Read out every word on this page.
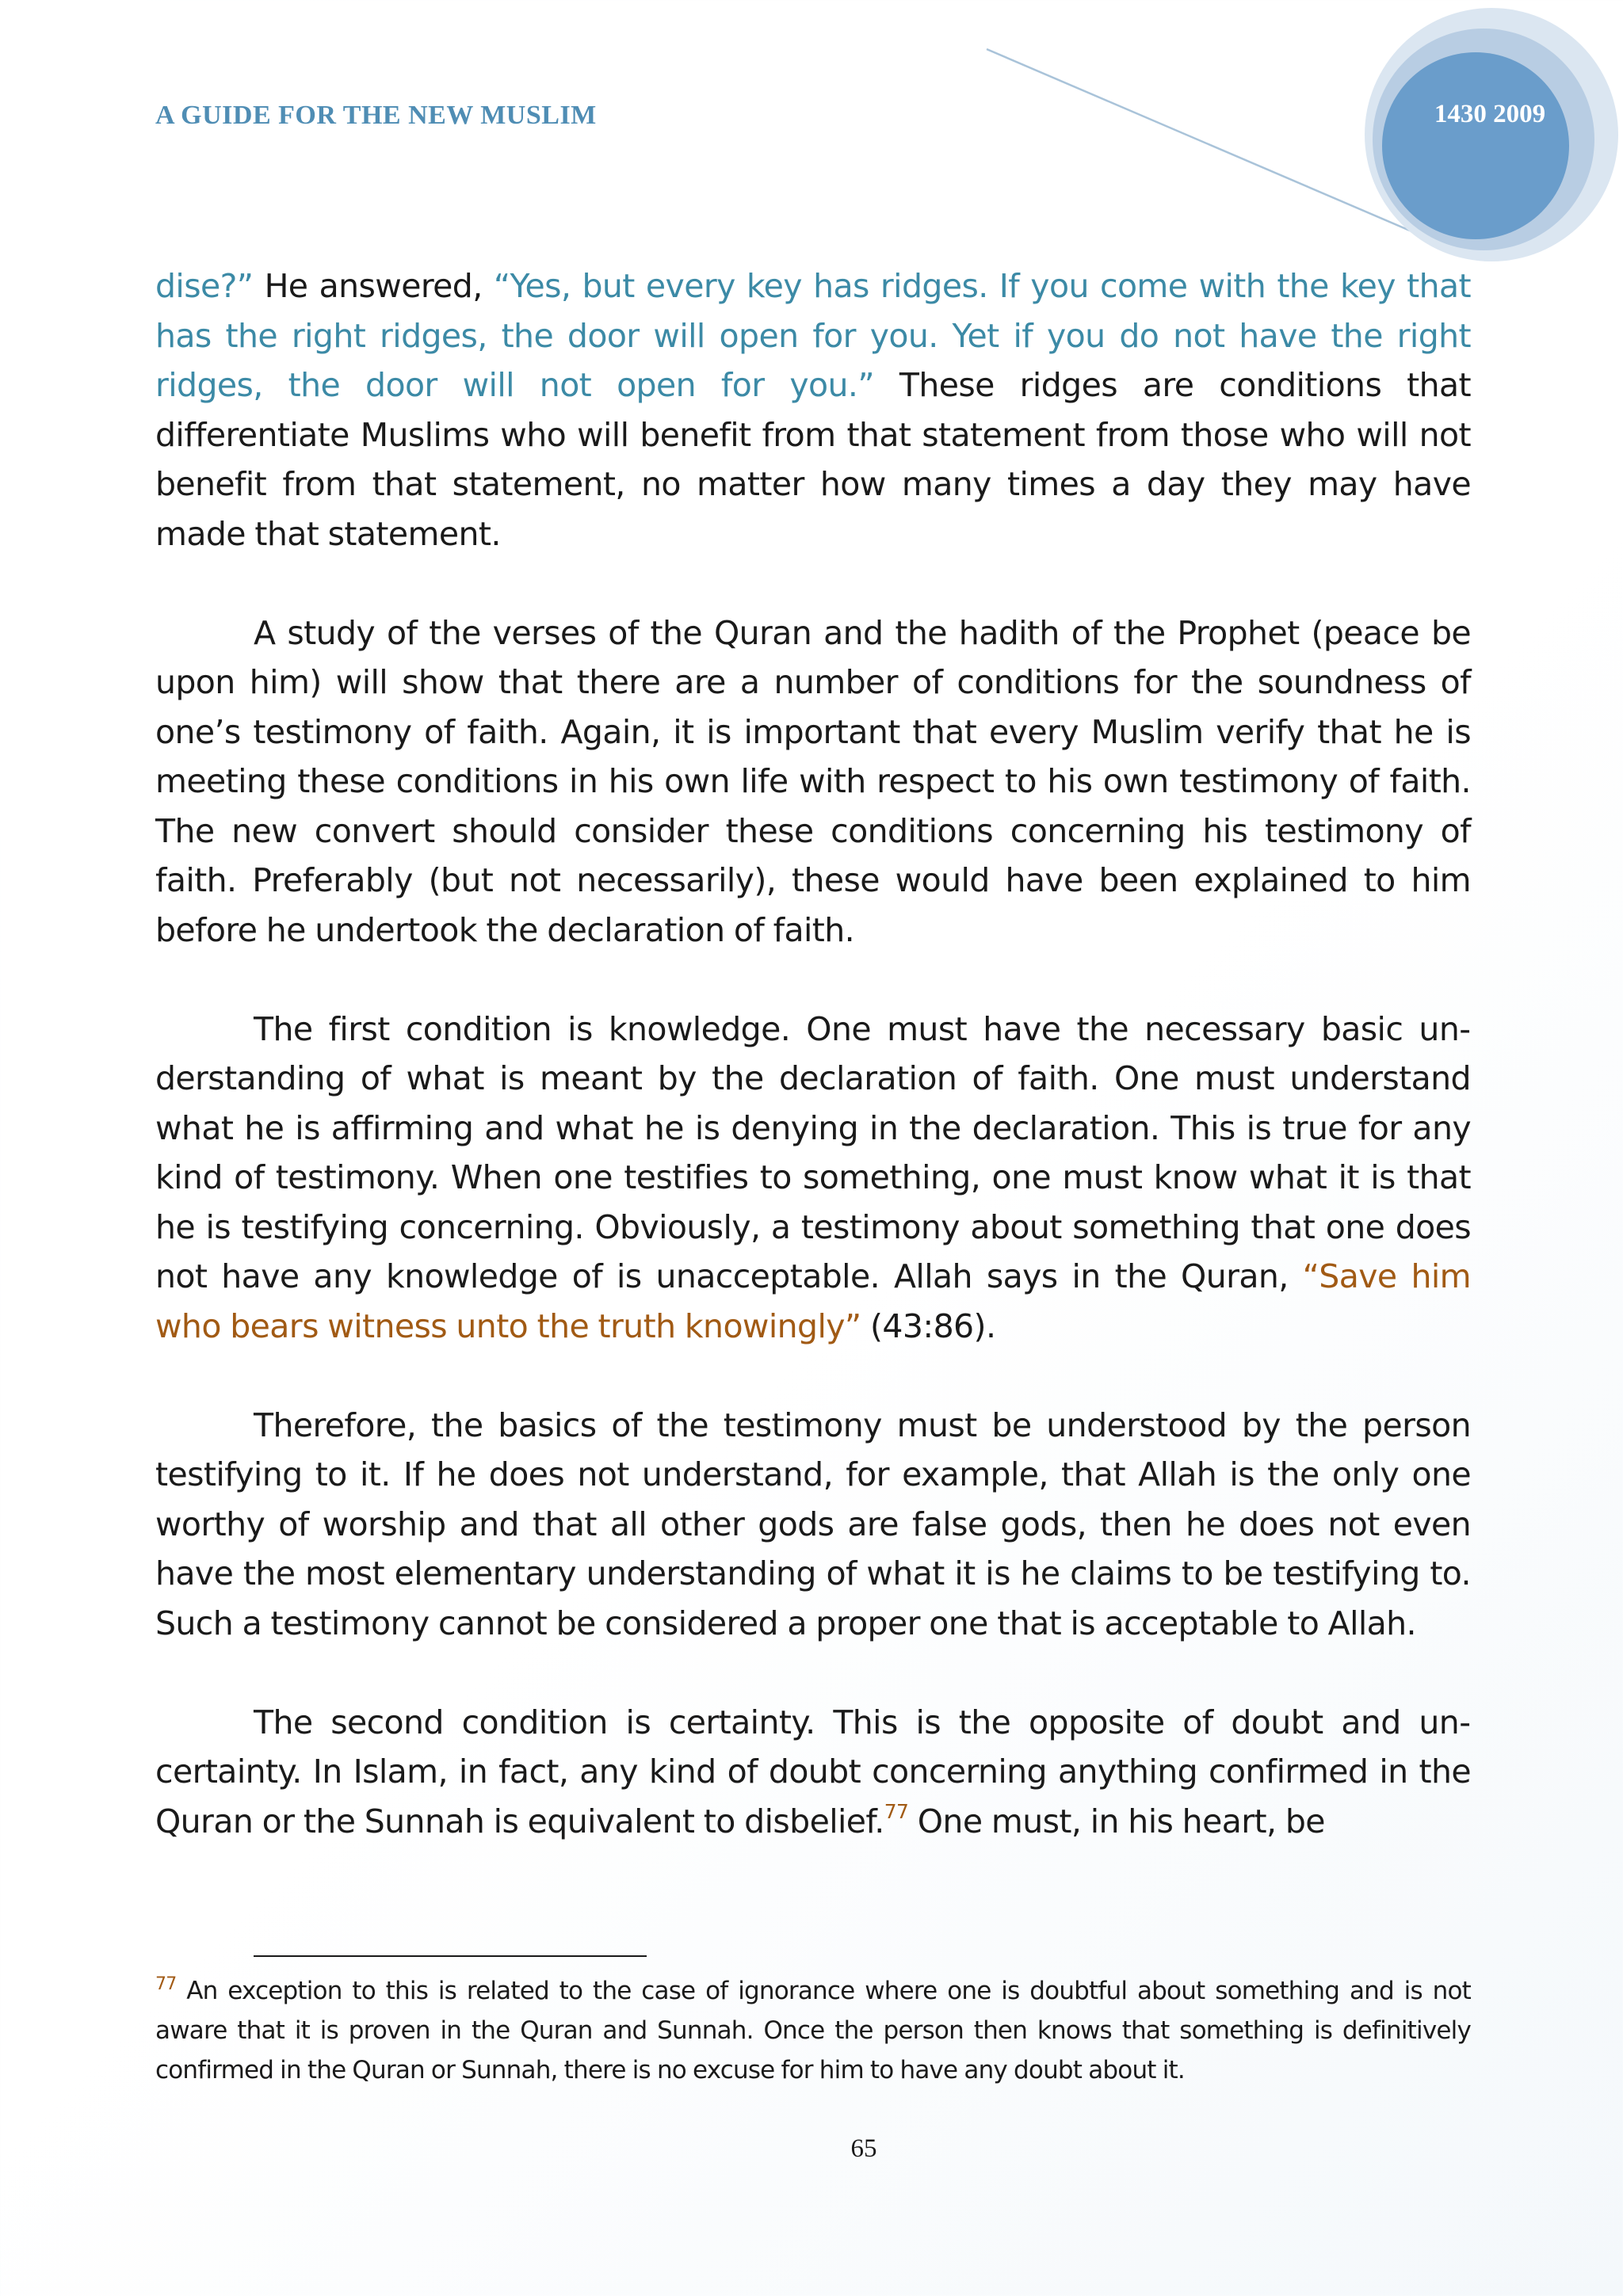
A GUIDE FOR THE NEW MUSLIM	1430 2009

dise?” He answered, “Yes, but every key has ridges. If you come with the key that has the right ridges, the door will open for you. Yet if you do not have the right ridges, the door will not open for you.” These ridges are conditions that differentiate Muslims who will benefit from that statement from those who will not benefit from that statement, no matter how many times a day they may have made that statement.

A study of the verses of the Quran and the hadith of the Prophet (peace be upon him) will show that there are a number of conditions for the soundness of one’s testimony of faith. Again, it is important that every Muslim verify that he is meeting these conditions in his own life with respect to his own testimony of faith. The new convert should consider these conditions concerning his testimony of faith. Preferably (but not necessarily), these would have been explained to him before he undertook the declaration of faith.

The first condition is knowledge. One must have the necessary basic understanding of what is meant by the declaration of faith. One must understand what he is affirming and what he is denying in the declaration. This is true for any kind of testimony. When one testifies to something, one must know what it is that he is testifying concerning. Obviously, a testimony about something that one does not have any knowledge of is unacceptable. Allah says in the Quran, “Save him who bears witness unto the truth knowingly” (43:86).

Therefore, the basics of the testimony must be understood by the person testifying to it. If he does not understand, for example, that Allah is the only one worthy of worship and that all other gods are false gods, then he does not even have the most elementary understanding of what it is he claims to be testifying to. Such a testimony cannot be considered a proper one that is acceptable to Allah.

The second condition is certainty. This is the opposite of doubt and uncertainty. In Islam, in fact, any kind of doubt concerning anything confirmed in the Quran or the Sunnah is equivalent to disbelief.$^{77}$ One must, in his heart, be

$^{77}$ An exception to this is related to the case of ignorance where one is doubtful about something and is not aware that it is proven in the Quran and Sunnah. Once the person then knows that something is definitively confirmed in the Quran or Sunnah, there is no excuse for him to have any doubt about it.

65
